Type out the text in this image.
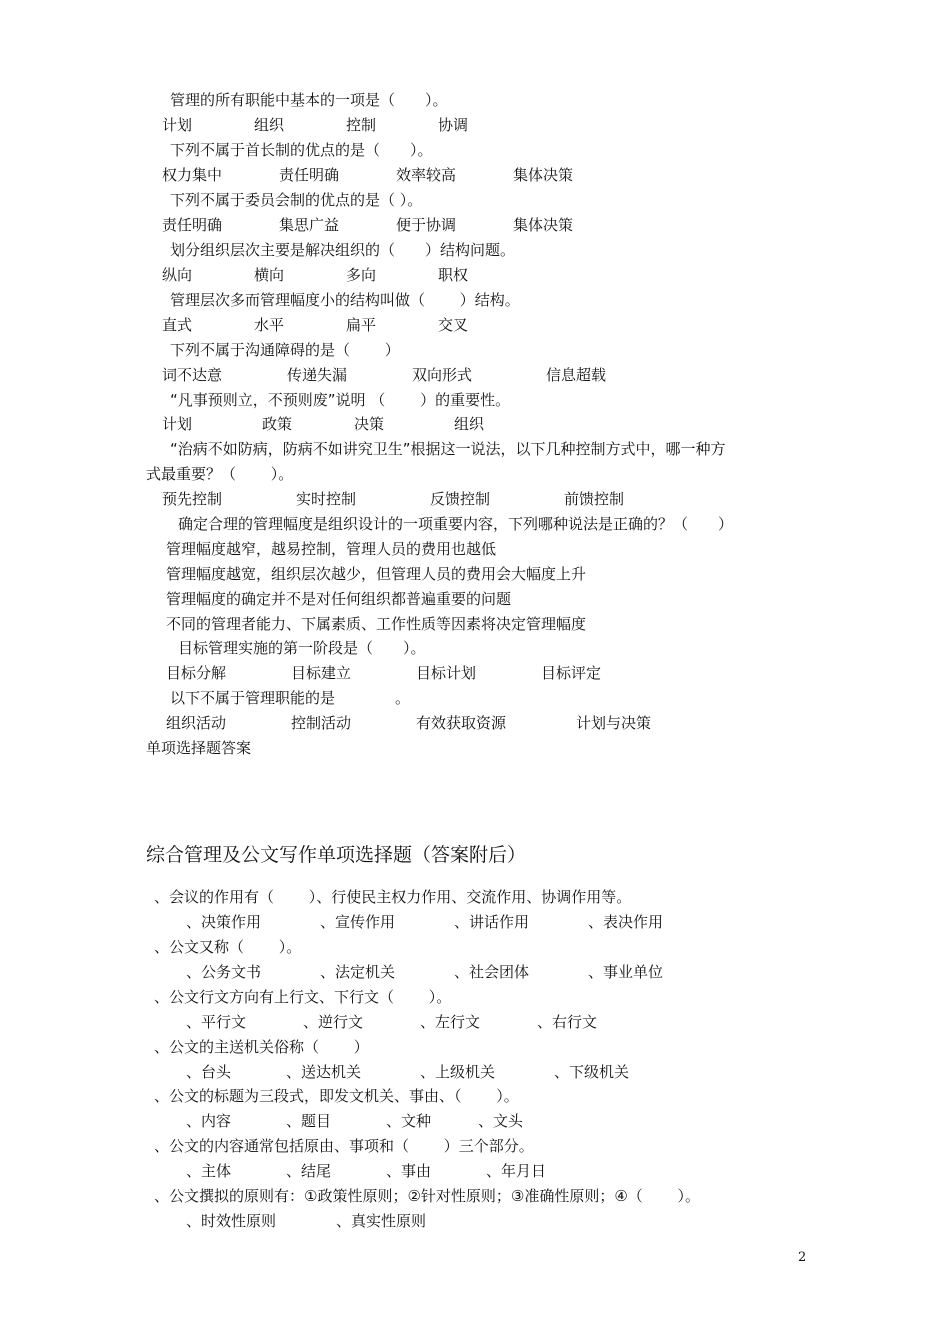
管理的所有职能中基本的一项是（　　）。
计划	组织	控制	协调
下列不属于首长制的优点的是（　　）。
权力集中	责任明确	效率较高	集体决策
下列不属于委员会制的优点的是（ ）。
责任明确	集思广益	便于协调	集体决策
划分组织层次主要是解决组织的（　　）结构问题。
纵向	横向	多向	职权
管理层次多而管理幅度小的结构叫做（　　 ）结构。
直式	水平	扁平	交叉
下列不属于沟通障碍的是（　　 ）
词不达意	传递失漏	双向形式	信息超载
“凡事预则立，不预则废”说明 （　　 ）的重要性。
计划	政策	决策	组织
“治病不如防病，防病不如讲究卫生”根据这一说法，以下几种控制方式中，哪一种方
式最重要？（　　 ）。
预先控制	实时控制	反馈控制	前馈控制
确定合理的管理幅度是组织设计的一项重要内容，下列哪种说法是正确的？（　　）
管理幅度越窄，越易控制，管理人员的费用也越低
管理幅度越宽，组织层次越少，但管理人员的费用会大幅度上升
管理幅度的确定并不是对任何组织都普遍重要的问题
不同的管理者能力、下属素质、工作性质等因素将决定管理幅度
目标管理实施的第一阶段是（　　）。
目标分解	目标建立	目标计划	目标评定
以下不属于管理职能的是　　　　。
组织活动	控制活动	有效获取资源	计划与决策
单项选择题答案
综合管理及公文写作单项选择题（答案附后）
、会议的作用有（　　 ）、行使民主权力作用、交流作用、协调作用等。
、决策作用	、宣传作用	、讲话作用	、表决作用
、公文又称（　　 ）。
、公务文书	、法定机关	、社会团体	、事业单位
、公文行文方向有上行文、下行文（　　 ）。
、平行文	、逆行文	、左行文	、右行文
、公文的主送机关俗称（　　 ）
、台头	、送达机关	、上级机关	、下级机关
、公文的标题为三段式，即发文机关、事由、（　　 ）。
、内容	、题目	、文种	、文头
、公文的内容通常包括原由、事项和（　　 ）三个部分。
、主体	、结尾	、事由	、年月日
、公文撰拟的原则有：①政策性原则；②针对性原则；③准确性原则；④（　　 ）。
、时效性原则	、真实性原则
2
